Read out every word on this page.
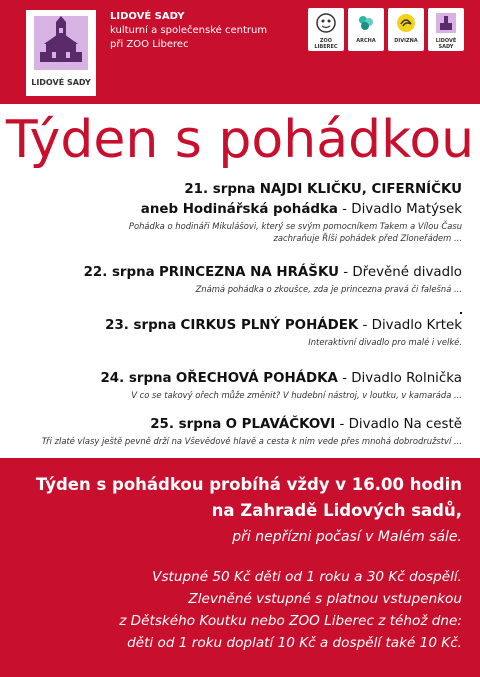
LIDOVÉ SADY
LIDOVÉ SADY
kulturní a společenské centrum
při ZOO Liberec	ZOO LIBEREC
ARCHA	DIVIZNA	LIDOVÉ SADY
Týden s pohádkou
21. srpna NAJDI KLIČKU, CIFERNÍČKU
aneb Hodinářská pohádka - Divadlo Matýsek
Pohádka o hodináři Mikulášovi, který se svým pomocníkem Takem a Vílou Času
zachraňuje Říši pohádek před Zloneřádem ...
22. srpna PRINCEZNA NA HRÁŠKU - Dřevěné divadlo
Známá pohádka o zkoušce, zda je princezna pravá či falešná ...
23. srpna CIRKUS PLNÝ POHÁDEK - Divadlo Krtek
Interaktivní divadlo pro malé i velké.
24. srpna OŘECHOVÁ POHÁDKA - Divadlo Rolnička
V co se takový ořech může změnit? V hudební nástroj, v loutku, v kamaráda ...
25. srpna O PLAVÁČKOVI - Divadlo Na cestě
Tři zlaté vlasy ještě pevně drží na Vševědově hlavě a cesta k nim vede přes mnohá dobrodružství ...
Týden s pohádkou probíhá vždy v 16.00 hodin
na Zahradě Lidových sadů,
při nepřízni počasí v Malém sále.
Vstupné 50 Kč děti od 1 roku a 30 Kč dospělí.
Zlevněné vstupné s platnou vstupenkou
z Dětského Koutku nebo ZOO Liberec z téhož dne:
děti od 1 roku doplatí 10 Kč a dospělí také 10 Kč.
